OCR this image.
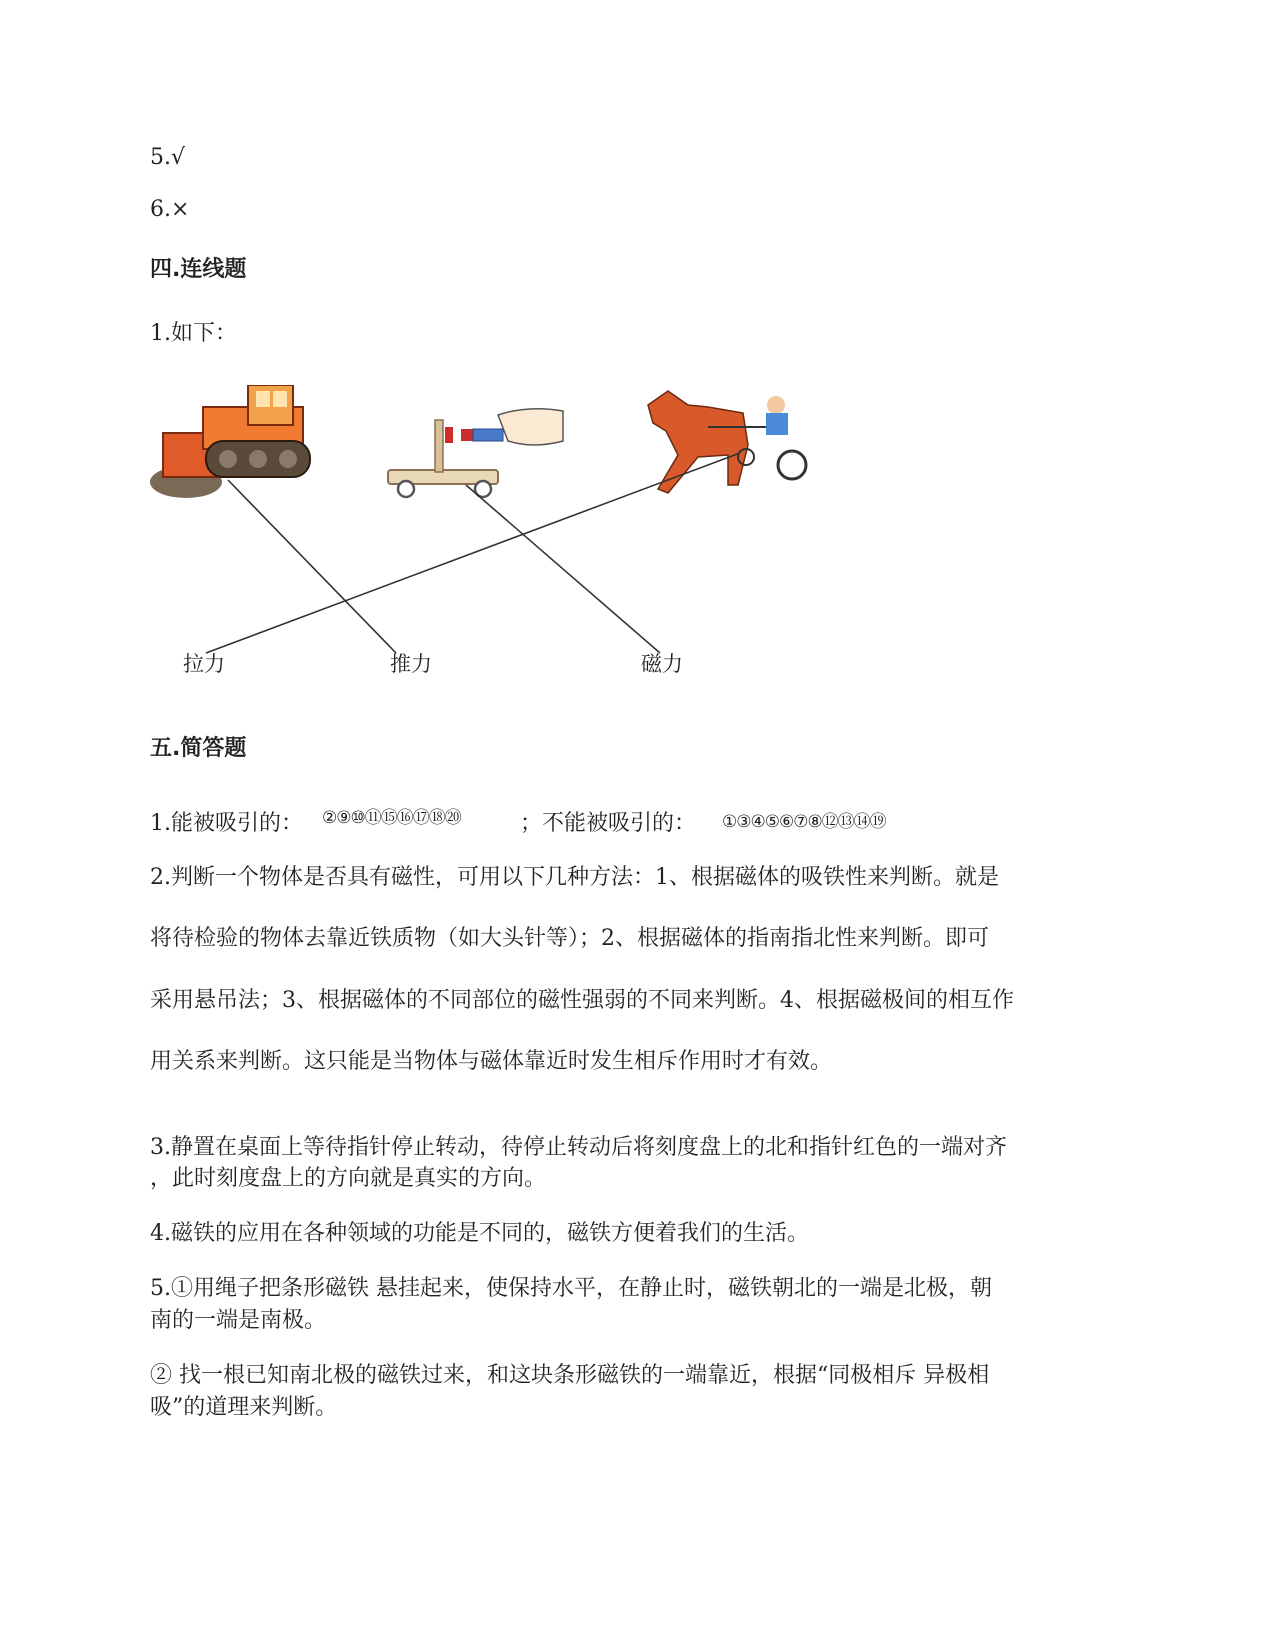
5.√
6.×
四.连线题
1.如下：
拉力	推力	磁力
五.简答题
1.能被吸引的： ②⑨⑩⑪⑮⑯⑰⑱⑳	；不能被吸引的： ①③④⑤⑥⑦⑧⑫⑬⑭⑲
2.判断一个物体是否具有磁性，可用以下几种方法：1、根据磁体的吸铁性来判断。就是
将待检验的物体去靠近铁质物（如大头针等）；2、根据磁体的指南指北性来判断。即可
采用悬吊法；3、根据磁体的不同部位的磁性强弱的不同来判断。4、根据磁极间的相互作
用关系来判断。这只能是当物体与磁体靠近时发生相斥作用时才有效。
3.静置在桌面上等待指针停止转动，待停止转动后将刻度盘上的北和指针红色的一端对齐
，此时刻度盘上的方向就是真实的方向。
4.磁铁的应用在各种领域的功能是不同的，磁铁方便着我们的生活。
5.①用绳子把条形磁铁 悬挂起来，使保持水平，在静止时，磁铁朝北的一端是北极，朝
南的一端是南极。
② 找一根已知南北极的磁铁过来，和这块条形磁铁的一端靠近，根据“同极相斥 异极相
吸”的道理来判断。
